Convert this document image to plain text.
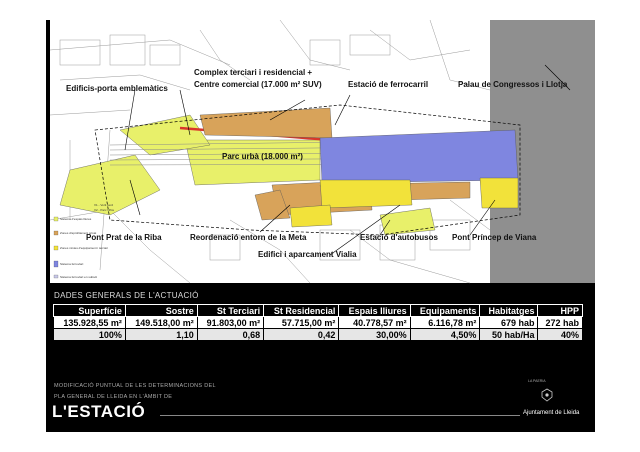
Edificis-porta emblemàtics
Complex terciari i residencial +
Centre comercial (17.000 m² SUV)	Estació de ferrocarril	Palau de Congressos i Llotja
Parc urbà (18.000 m²)
Pont Prat de la Riba	Reordenació entorn de la Meta	Estació d'autobusos Pont Príncep de Viana
Edifici i aparcament Vialia
V1 - Vorit verd
V2 - Parc Urbà
Sistema d'espais lliures
Zones d'aprofitament privat
Zones mixtes d'equipament i terciari
Sistema ferroviari
Sistema ferroviari en subsòl
DADES GENERALS DE L'ACTUACIÓ
Superfície	Sostre	St Terciari	St Residencial	Espais lliures	Equipaments	Habitatges	HPP
135.928,55 m²	149.518,00 m²	91.803,00 m²	57.715,00 m²	40.778,57 m²	6.116,78 m²	679 hab	272 hab
100%	1,10	0,68	0,42	30,00%	4,50%	50 hab/Ha	40%
MODIFICACIÓ PUNTUAL DE LES DETERMINACIONS DEL
PLA GENERAL DE LLEIDA EN L'ÀMBIT DE
L'ESTACIÓ
LA PAERIA
Ajuntament de Lleida
